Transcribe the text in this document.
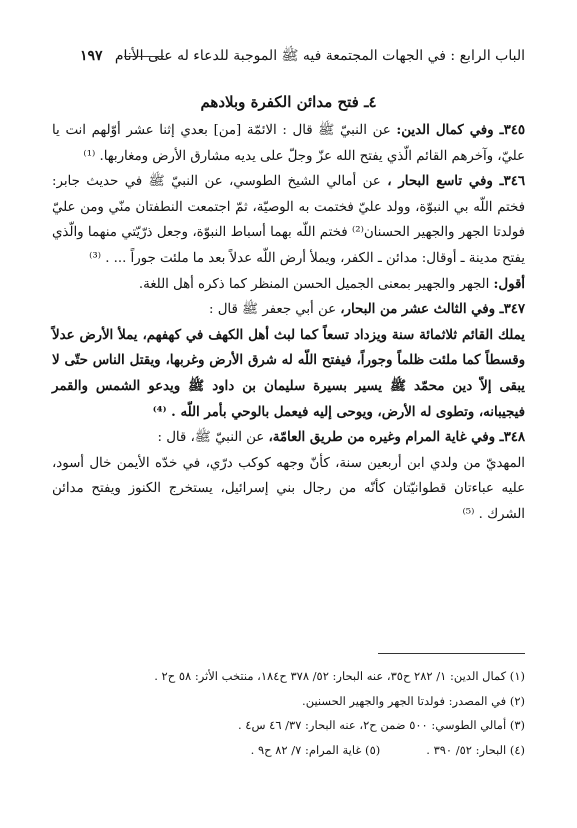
الباب الرابع : في الجهات المجتمعة فيه ﷺ الموجبة للدعاء له على الأنام
١٩٧
٤ـ فتح مدائن الكفرة وبلادهم

٣٤٥ـ وفي كمال الدين: عن النبيّ ﷺ قال : الائمّة [من] بعدي إثنا عشر أوّلهم انت يا عليّ، وآخرهم القائم الّذي يفتح الله عزّ وجلّ على يديه مشارق الأرض ومغاربها. ⁽¹⁾

٣٤٦ـ وفي تاسع البحار ، عن أمالي الشيخ الطوسي، عن النبيّ ﷺ في حديث جابر: فختم اللّه بي النبوّة، وولد عليّ فختمت به الوصيّة، ثمّ اجتمعت النطفتان منّي ومن عليّ فولدتا الجهر والجهير الحسنان⁽²⁾ فختم اللّه بهما أسباط النبوّة، وجعل ذرّيّتي منهما والّذي يفتح مدينة ـ أوقال: مدائن ـ الكفر، ويملأ أرض اللّه عدلاً بعد ما ملئت جوراً ... . ⁽³⁾

أقول: الجهر والجهير بمعنى الجميل الحسن المنظر كما ذكره أهل اللغة.

٣٤٧ـ وفي الثالث عشر من البحار، عن أبي جعفر ﷺ قال :

يملك القائم ثلاثمائة سنة ويزداد تسعاً كما لبث أهل الكهف في كهفهم، يملأ الأرض عدلاً وقسطاً كما ملئت ظلماً وجوراً، فيفتح اللّه له شرق الأرض وغربها، ويقتل الناس حتّى لا يبقى إلاّ دين محمّد ﷺ يسير بسيرة سليمان بن داود ﷺ ويدعو الشمس والقمر فيجيبانه، وتطوى له الأرض، ويوحى إليه فيعمل بالوحي بأمر اللّه . ⁽⁴⁾

٣٤٨ـ وفي غاية المرام وغيره من طريق العامّة، عن النبيّ ﷺ، قال :

المهديّ من ولدي ابن أربعين سنة، كأنّ وجهه كوكب درّي، في خدّه الأيمن خال أسود، عليه عباءتان قطوانيّتان كأنّه من رجال بني إسرائيل، يستخرج الكنوز ويفتح مدائن الشرك . ⁽⁵⁾

(١) كمال الدين: ١/ ٢٨٢ ح٣٥، عنه البحار: ٥٢/ ٣٧٨ ح١٨٤، منتخب الأثر: ٥٨ ح٢ .

(٢) في المصدر: فولدتا الجهر والجهير الحسنين.

(٣) أمالي الطوسي: ٥٠٠ ضمن ح٢، عنه البحار: ٣٧/ ٤٦ س٤ .

(٤) البحار: ٥٢/ ٣٩٠ .
(٥) غاية المرام: ٧/ ٨٢ ح٩ .
